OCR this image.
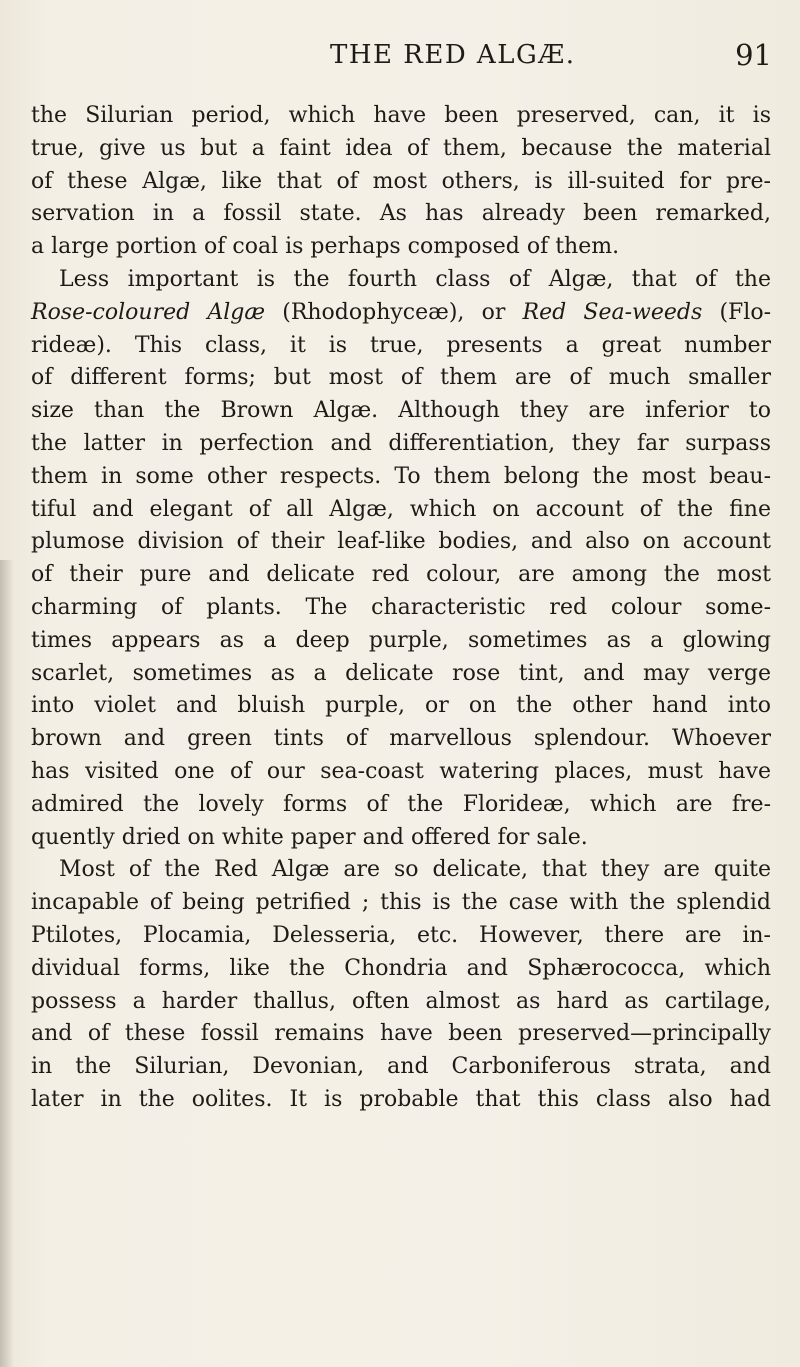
THE RED ALGÆ.	91
the Silurian period, which have been preserved, can, it is
true, give us but a faint idea of them, because the material
of these Algæ, like that of most others, is ill-suited for pre-
servation in a fossil state. As has already been remarked,
a large portion of coal is perhaps composed of them.
Less important is the fourth class of Algæ, that of the
Rose-coloured Algæ (Rhodophyceæ), or Red Sea-weeds (Flo-
rideæ). This class, it is true, presents a great number
of different forms; but most of them are of much smaller
size than the Brown Algæ. Although they are inferior to
the latter in perfection and differentiation, they far surpass
them in some other respects. To them belong the most beau-
tiful and elegant of all Algæ, which on account of the fine
plumose division of their leaf-like bodies, and also on account
of their pure and delicate red colour, are among the most
charming of plants. The characteristic red colour some-
times appears as a deep purple, sometimes as a glowing
scarlet, sometimes as a delicate rose tint, and may verge
into violet and bluish purple, or on the other hand into
brown and green tints of marvellous splendour. Whoever
has visited one of our sea-coast watering places, must have
admired the lovely forms of the Florideæ, which are fre-
quently dried on white paper and offered for sale.
Most of the Red Algæ are so delicate, that they are quite
incapable of being petrified ; this is the case with the splendid
Ptilotes, Plocamia, Delesseria, etc. However, there are in-
dividual forms, like the Chondria and Sphærococca, which
possess a harder thallus, often almost as hard as cartilage,
and of these fossil remains have been preserved—principally
in the Silurian, Devonian, and Carboniferous strata, and
later in the oolites. It is probable that this class also had
